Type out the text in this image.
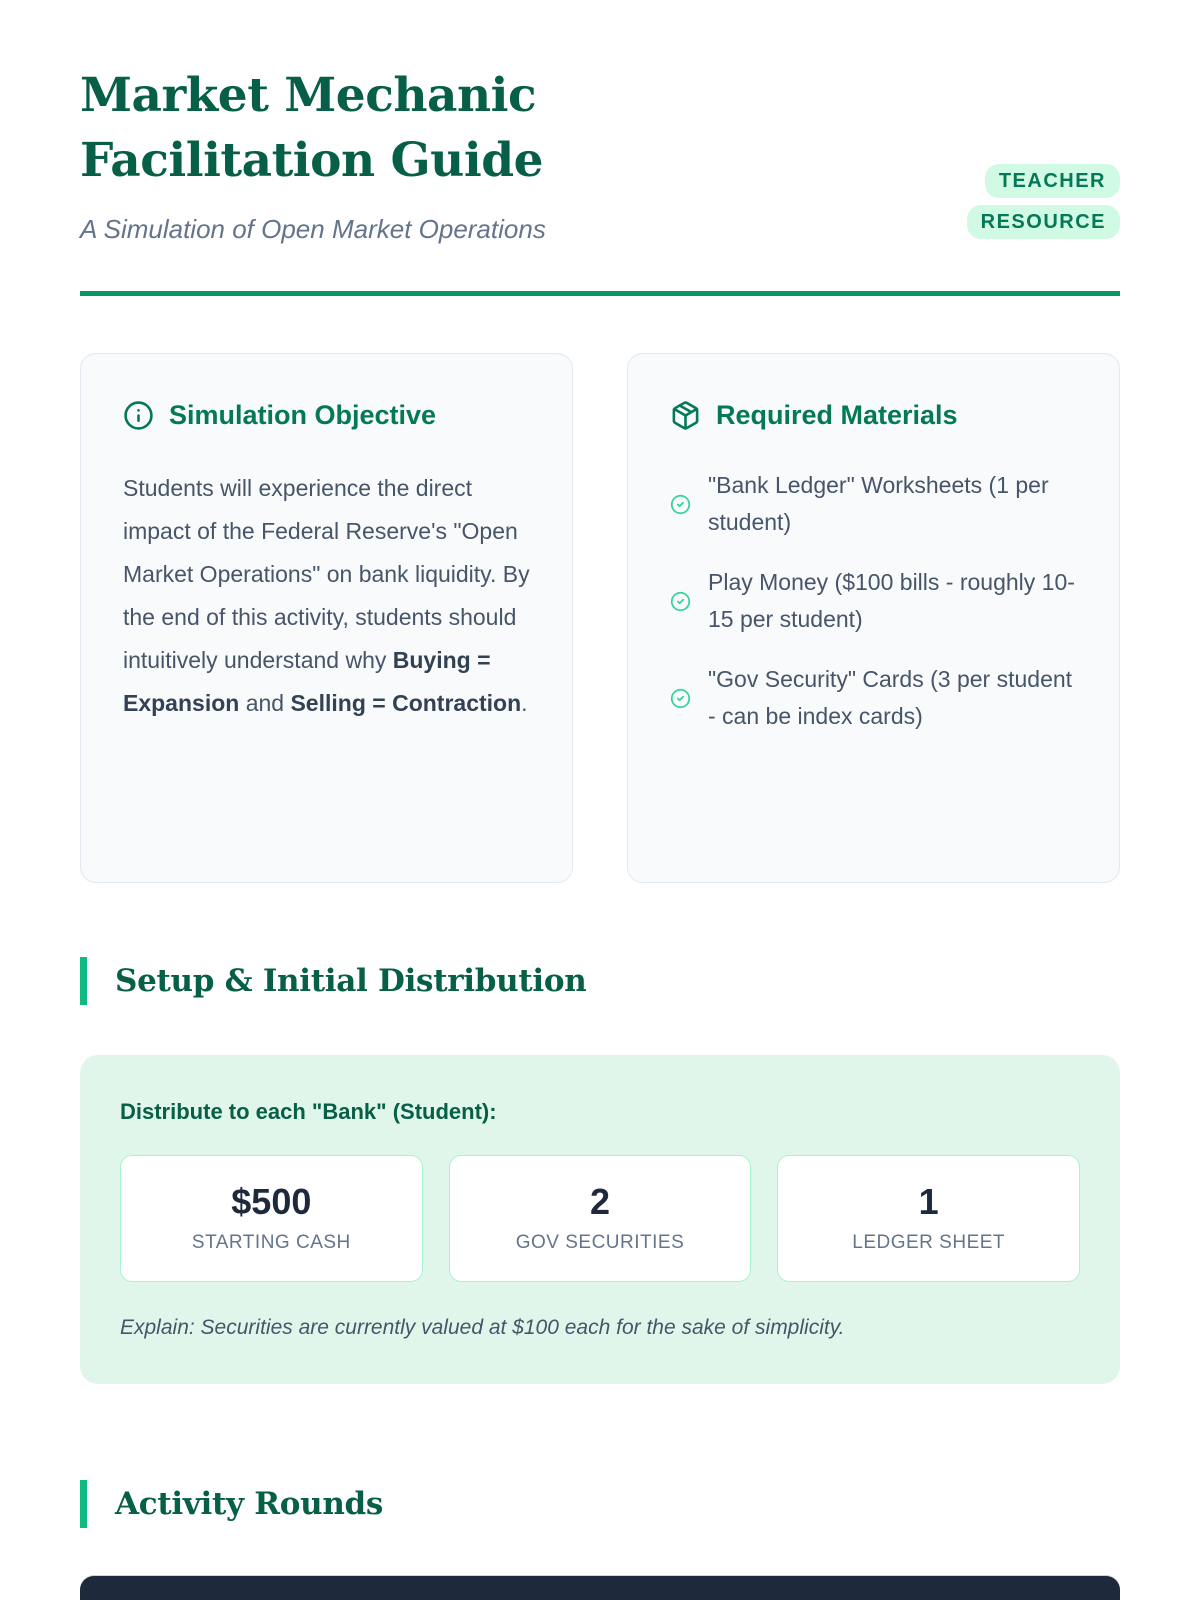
Market Mechanic Facilitation Guide
A Simulation of Open Market Operations
TEACHER RESOURCE
Simulation Objective

Students will experience the direct impact of the Federal Reserve's "Open Market Operations" on bank liquidity. By the end of this activity, students should intuitively understand why Buying = Expansion and Selling = Contraction.

Required Materials
"Bank Ledger" Worksheets (1 per student)
Play Money ($100 bills - roughly 10-15 per student)
"Gov Security" Cards (3 per student - can be index cards)
Setup & Initial Distribution
Distribute to each "Bank" (Student):
$500
STARTING CASH
2
GOV SECURITIES
1
LEDGER SHEET
Explain: Securities are currently valued at $100 each for the sake of simplicity.
Activity Rounds
